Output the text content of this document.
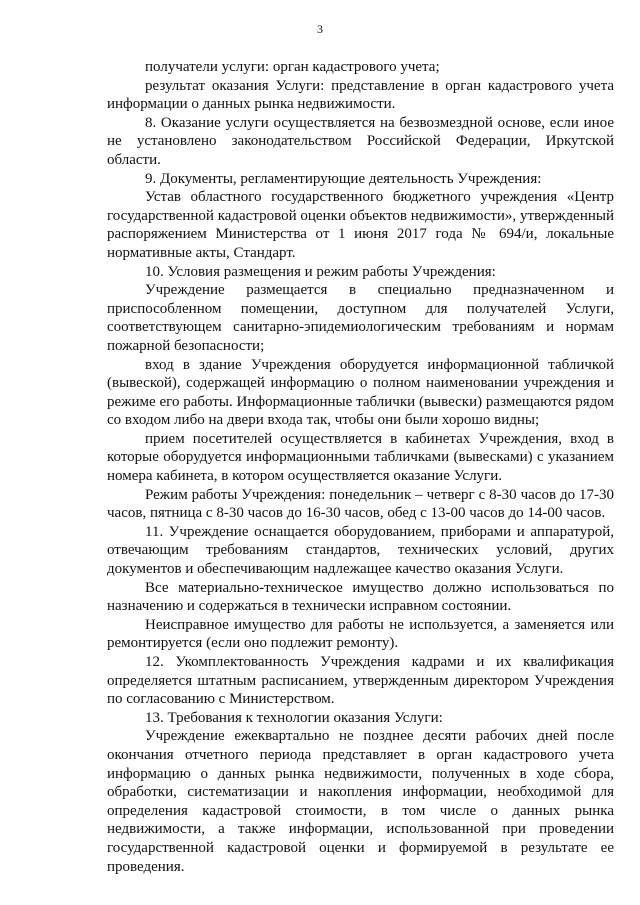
3

получатели услуги: орган кадастрового учета;

результат оказания Услуги: представление в орган кадастрового учета информации о данных рынка недвижимости.

8. Оказание услуги осуществляется на безвозмездной основе, если иное не установлено законодательством Российской Федерации, Иркутской области.

9. Документы, регламентирующие деятельность Учреждения:

Устав областного государственного бюджетного учреждения «Центр государственной кадастровой оценки объектов недвижимости», утвержденный распоряжением Министерства от 1 июня 2017 года № 694/и, локальные нормативные акты, Стандарт.

10. Условия размещения и режим работы Учреждения:

Учреждение размещается в специально предназначенном и приспособленном помещении, доступном для получателей Услуги, соответствующем санитарно-эпидемиологическим требованиям и нормам пожарной безопасности;

вход в здание Учреждения оборудуется информационной табличкой (вывеской), содержащей информацию о полном наименовании учреждения и режиме его работы. Информационные таблички (вывески) размещаются рядом со входом либо на двери входа так, чтобы они были хорошо видны;

прием посетителей осуществляется в кабинетах Учреждения, вход в которые оборудуется информационными табличками (вывесками) с указанием номера кабинета, в котором осуществляется оказание Услуги.

Режим работы Учреждения: понедельник – четверг с 8-30 часов до 17-30 часов, пятница с 8-30 часов до 16-30 часов, обед с 13-00 часов до 14-00 часов.

11. Учреждение оснащается оборудованием, приборами и аппаратурой, отвечающим требованиям стандартов, технических условий, других документов и обеспечивающим надлежащее качество оказания Услуги.

Все материально-техническое имущество должно использоваться по назначению и содержаться в технически исправном состоянии.

Неисправное имущество для работы не используется, а заменяется или ремонтируется (если оно подлежит ремонту).

12. Укомплектованность Учреждения кадрами и их квалификация определяется штатным расписанием, утвержденным директором Учреждения по согласованию с Министерством.

13. Требования к технологии оказания Услуги:

Учреждение ежеквартально не позднее десяти рабочих дней после окончания отчетного периода представляет в орган кадастрового учета информацию о данных рынка недвижимости, полученных в ходе сбора, обработки, систематизации и накопления информации, необходимой для определения кадастровой стоимости, в том числе о данных рынка недвижимости, а также информации, использованной при проведении государственной кадастровой оценки и формируемой в результате ее проведения.
